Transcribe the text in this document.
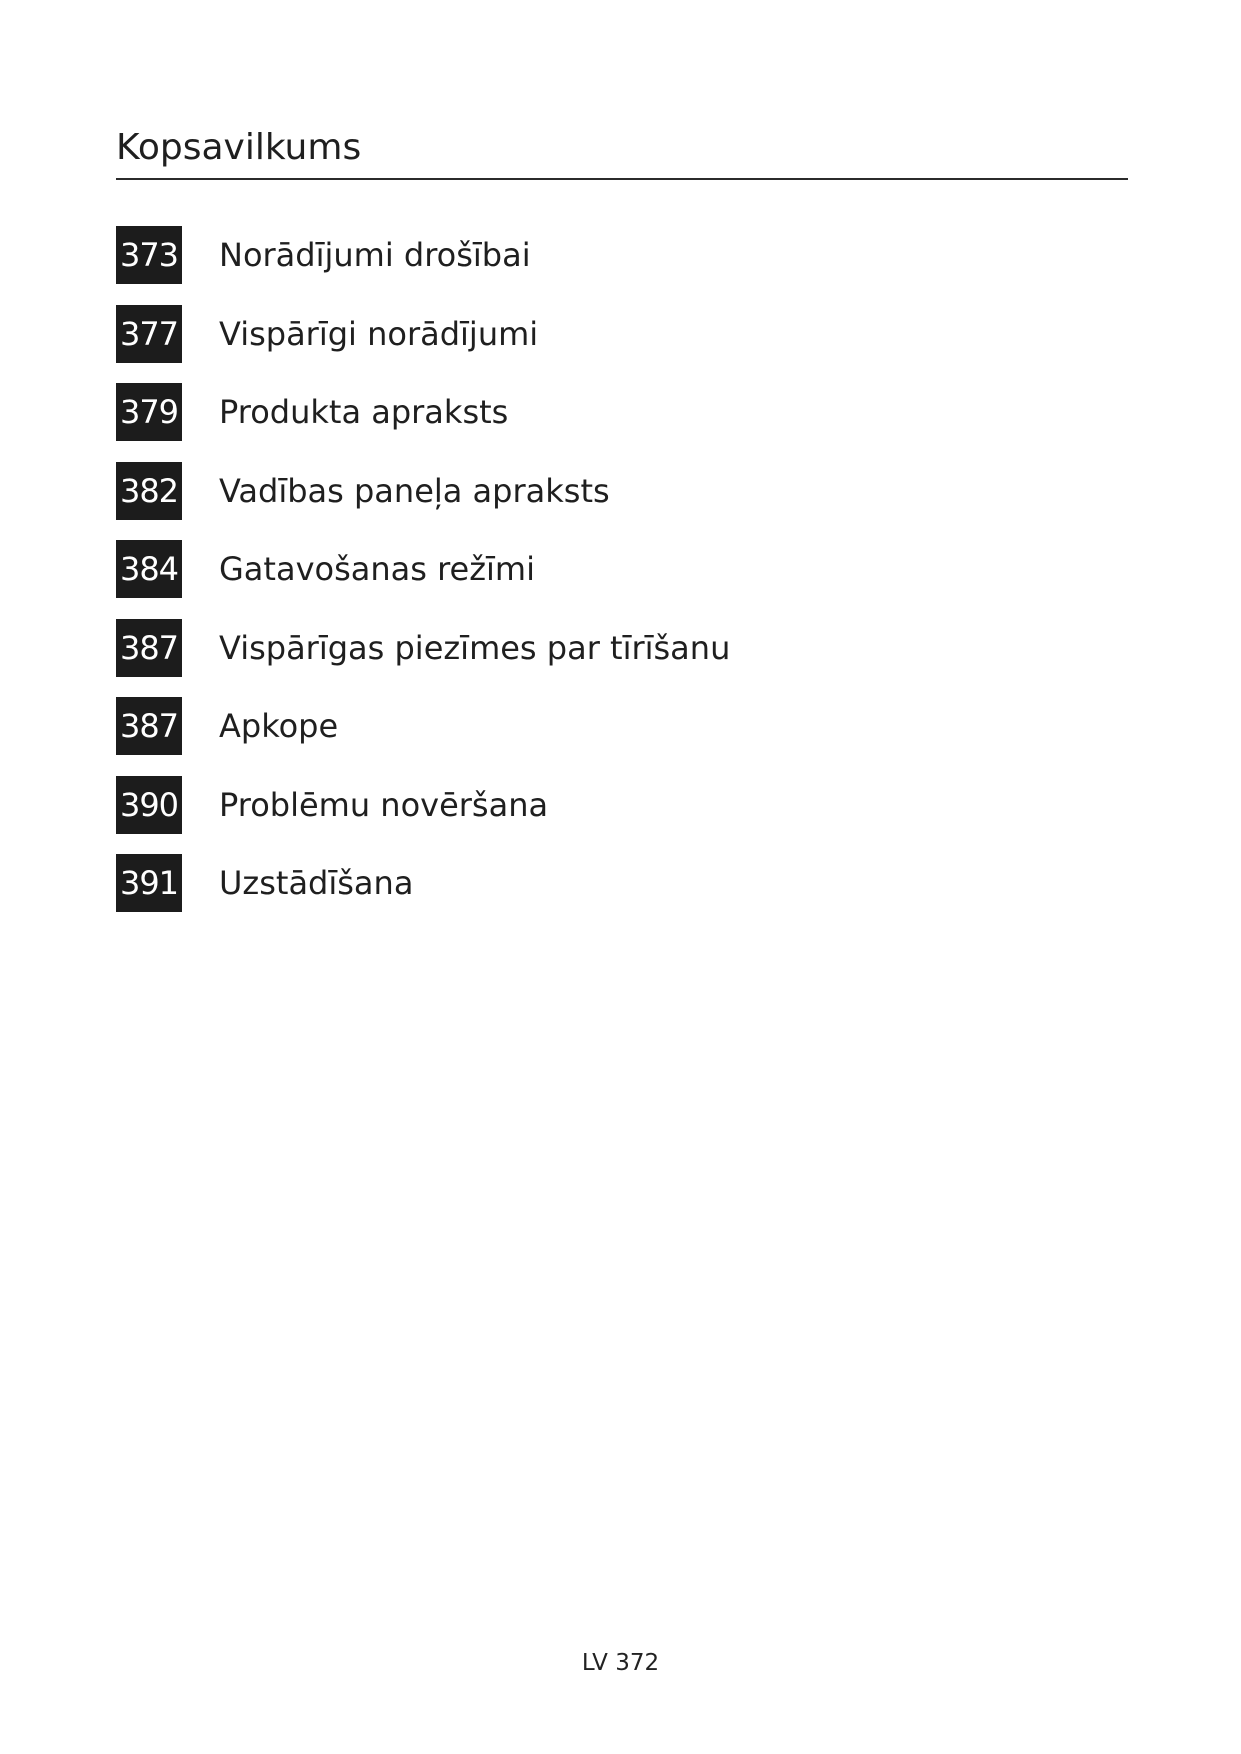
Kopsavilkums
373 Norādījumi drošībai
377 Vispārīgi norādījumi
379 Produkta apraksts
382 Vadības paneļa apraksts
384 Gatavošanas režīmi
387 Vispārīgas piezīmes par tīrīšanu
387 Apkope
390 Problēmu novēršana
391 Uzstādīšana
LV 372
